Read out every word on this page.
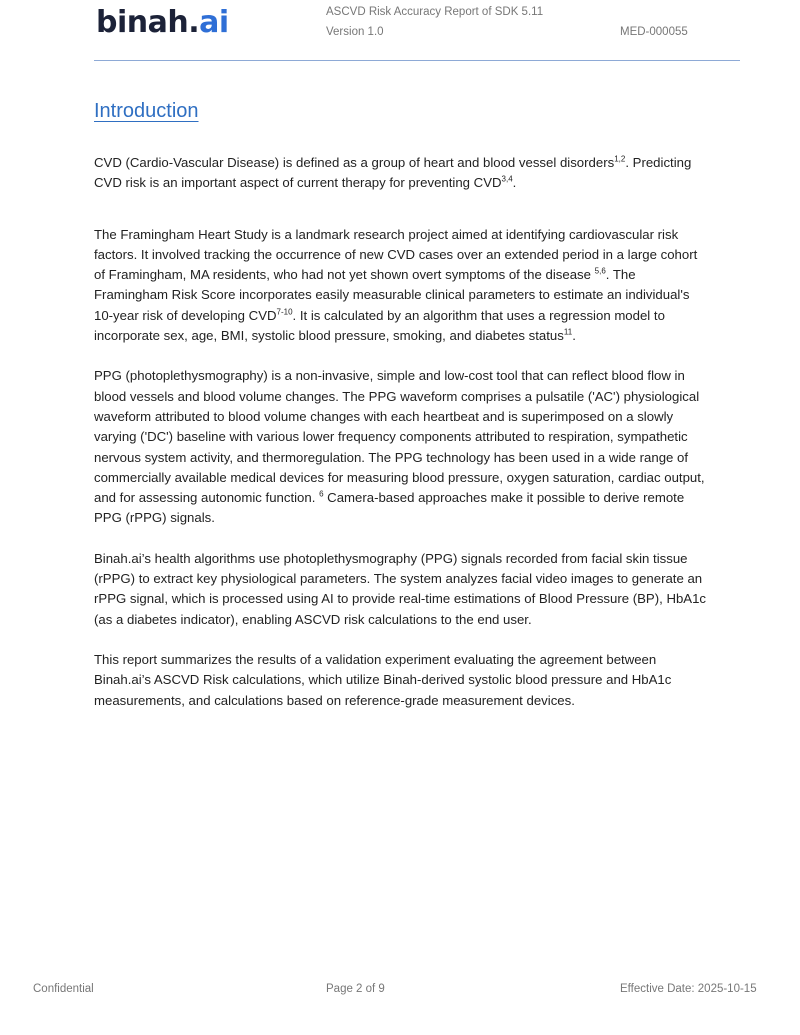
binah.ai	ASCVD Risk Accuracy Report of SDK 5.11
Version 1.0	MED-000055
Introduction

CVD (Cardio-Vascular Disease) is defined as a group of heart and blood vessel disorders$^{1,2}$. Predicting CVD risk is an important aspect of current therapy for preventing CVD$^{3,4}$.

The Framingham Heart Study is a landmark research project aimed at identifying cardiovascular risk factors. It involved tracking the occurrence of new CVD cases over an extended period in a large cohort of Framingham, MA residents, who had not yet shown overt symptoms of the disease $^{5,6}$. The Framingham Risk Score incorporates easily measurable clinical parameters to estimate an individual's 10-year risk of developing CVD$^{7-10}$. It is calculated by an algorithm that uses a regression model to incorporate sex, age, BMI, systolic blood pressure, smoking, and diabetes status$^{11}$.

PPG (photoplethysmography) is a non-invasive, simple and low-cost tool that can reflect blood flow in blood vessels and blood volume changes. The PPG waveform comprises a pulsatile ('AC') physiological waveform attributed to blood volume changes with each heartbeat and is superimposed on a slowly varying ('DC') baseline with various lower frequency components attributed to respiration, sympathetic nervous system activity, and thermoregulation. The PPG technology has been used in a wide range of commercially available medical devices for measuring blood pressure, oxygen saturation, cardiac output, and for assessing autonomic function. $^6$ Camera-based approaches make it possible to derive remote PPG (rPPG) signals.

Binah.ai’s health algorithms use photoplethysmography (PPG) signals recorded from facial skin tissue (rPPG) to extract key physiological parameters. The system analyzes facial video images to generate an rPPG signal, which is processed using AI to provide real-time estimations of Blood Pressure (BP), HbA1c (as a diabetes indicator), enabling ASCVD risk calculations to the end user.

This report summarizes the results of a validation experiment evaluating the agreement between Binah.ai’s ASCVD Risk calculations, which utilize Binah-derived systolic blood pressure and HbA1c measurements, and calculations based on reference-grade measurement devices.

Confidential	Page 2 of 9	Effective Date: 2025-10-15
